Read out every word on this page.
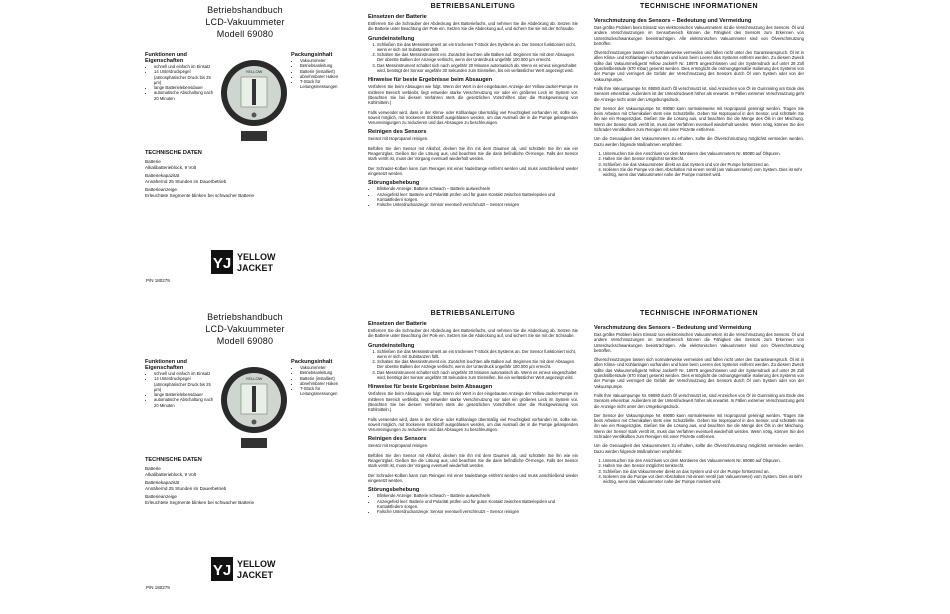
Betriebshandbuch
LCD-Vakuummeter
Modell 69080
Funktionen und Eigenschaften
• schnell und einfach im Einsatz
• 14 Unterdruckpegel (atmosphärischer Druck bis 25 µm)
• lange Batterielebensdauer
• automatische Abschaltung nach 20 Minuten
YELLOW
Packungsinhalt
• Vakuummeter
• Betriebsanleitung
• Batterie (installiert)
• abnehmbarer Haken
• T-Stück für Leitungsmessungen
TECHNISCHE DATEN
Batterie
Alkalibatterieblock, 9 Volt
Batteriekapazität
Annähernd 25 Stunden im Dauerbetrieb
Batterieanzeige
Erleuchtete Segmente blinken bei schwacher Batterie
YJ YELLOW
JACKET
P/N 180279
BETRIEBSANLEITUNG
Einsetzen der Batterie
Entfernen Sie die Schrauber der Abdeckung des Batteriefachs, und nehmen Sie die Abdeckung ab. Setzen Sie die Batterie unter Beachtung der Pole ein. Setzen Sie die Abdeckung auf, und sichern Sie sie mit der Schraube.
Grundeinstellung
1. Schließen Sie das Messinstrument an ein trockenes T-Stück des Systems an. Der Sensor funktioniert nicht, wenn er sich mit Substanzen füllt.
2. Schalten Sie das Messinstrument ein. Zunächst leuchten alle Balken auf. Beginnen Sie mit dem Absaugen. Der oberste Balken der Anzeige verlischt, wenn der Unterdruck ungefähr 100.000 µm erreicht.
3. Das Messinstrument schaltet sich nach ungefähr 20 Minuten automatisch ab. Wenn es erneut eingeschaltet wird, benötigt der Sensor ungefähr 30 Sekunden zum Einstellen, bis ein verlässlicher Wert angezeigt wird.
Hinweise für beste Ergebnisse beim Absaugen
Verfahren Sie beim Absaugen wie folgt. Wenn der Wert in der eingebauten Anzeige der Yellow-Jacket-Pumpe im mittleren Bereich verbleibt, liegt entweder starke Verschmutzung vor oder ein größeres Leck im System vor. (Beachten Sie bei diesem Verfahren stets die gesetzlichen Vorschriften über die Rückgewinnung von Kühlmitteln.)
Falls verwendet wird, dass in der Klima- oder Kühlanlage übermäßig viel Feuchtigkeit vorhanden ist, sollte sie, soweit möglich, mit trockenem Stickstoff ausgeblasen werden, um das Ausmaß der in die Pumpe gelangenden Verunreinigungen zu reduzieren und das Absaugen zu beschleunigen.
Reinigen des Sensors
Sensor mit Isopropanol reinigen.
Befüllen Sie den Sensor mit Alkohol, decken Sie ihn mit dem Daumen ab, und schütteln Sie ihn wie ein Reagenzglas. Gießen Sie die Lösung aus, und beachten Sie die darin befindliche Öl-menge. Falls der Sensor stark verölt ist, muss der Vorgang eventuell wiederholt werden.
Der Schrader-Kolben kann zum Reinigen mit einer Nadelzange entfernt werden und muss anschließend wieder eingesetzt werden.
Störungsbehebung
• Blinkende Anzeige: Batterie schwach – Batterie auswechseln
• Anzeigefeld leer: Batterie und Polarität prüfen und für guten Kontakt zwischen Batteriepolen und Kontaktfedern sorgen.
• Falsche Unterdruckanzeige: Sensor eventuell verschmutzt – Sensor reinigen
TECHNISCHE INFORMATIONEN
Verschmutzung des Sensors – Bedeutung und Vermeidung
Das größte Problem beim Einsatz von elektronischen Vakuummetern ist die Verschmutzung des Sensors. Öl und andere Verschmutzungen im Sensorbereich können die Fähigkeit des Sensors zum Erkennen von Unterdruckschwankungen beeinträchtigen. Alle elektronischen Vakuummeter sind von Ölverschmutzung betroffen.
Ölverschmutzungen lassen sich normalerweise vermeiden und fallen nicht unter den Garantieanspruch. Öl ist in allen Klima- und Kühlanlagen vorhanden und kann beim Leeren des Systems entfernt werden. Zu diesem Zweck sollte das Vakuummeßgerät Yellow Jacket® Nr. 18975 angeschlossen und der Systemdruck auf unter 28 Zoll Quecksilbersäule (670 mbar) gesenkt werden. Dies ermöglicht die ordnungsgemäße Isolierung des Systems von der Pumpe und verringert die Gefahr der Verschmutzung des Sensors durch Öl vom System oder von der Vakuumpumpe.
Falls Ihre Vakuumpumpe Nr. 69080 durch Öl verschmutzt ist, sind Anzeichen von Öl im Gummiring am Ende des Sensors erkennbar. Außerdem ist der Unterdruckwert höher als erwartet. In Fällen extremer Verschmutzung geht die Anzeige nicht unter den Umgebungsdruck.
Der Sensor der Vakuumpumpe Nr. 69080 kann normalerweise mit Isopropanol gereinigt werden. Tragen Sie beim Arbeiten mit Chemikalien stets eine Schutzbrille. Geben Sie Isopropanol in den Sensor, und schütteln Sie ihn wie ein Reagenzglas. Gießen Sie die Lösung aus, und beachten Sie die Menge des Öls in der Mischung. Wenn der Sensor stark verölt ist, muss das Verfahren eventuell wiederholt werden. Wenn nötig, können Sie den Schrader-Ventilkolben zum Reinigen mit einer Pinzette entfernen.
Um die Genauigkeit des Vakuummeters zu erhalten, sollte die Ölverschmutzung möglichst vermieden werden. Dazu werden folgende Maßnahmen empfohlen:
1. Untersuchen Sie den Anschluss vor dem Montieren des Vakuummeters Nr. 69080 auf Ölspuren.
2. Halten Sie den Sensor möglichst senkrecht.
3. Schließen Sie das Vakuummeter direkt an das System und vor der Pumpe fortsetzend an.
4. Isolieren Sie die Pumpe vor dem Abschalten mit einem Ventil (am Vakuummeter) vom System. Dies ist sehr wichtig, wenn das Vakuummeter nahe der Pumpe montiert wird.
Betriebshandbuch
LCD-Vakuummeter
Modell 69080
Funktionen und Eigenschaften
• schnell und einfach im Einsatz
• 14 Unterdruckpegel (atmosphärischer Druck bis 25 µm)
• lange Batterielebensdauer
• automatische Abschaltung nach 20 Minuten
YELLOW
Packungsinhalt
• Vakuummeter
• Betriebsanleitung
• Batterie (installiert)
• abnehmbarer Haken
• T-Stück für Leitungsmessungen
TECHNISCHE DATEN
Batterie
Alkalibatterieblock, 9 Volt
Batteriekapazität
Annähernd 25 Stunden im Dauerbetrieb
Batterieanzeige
Erleuchtete Segmente blinken bei schwacher Batterie
YJ YELLOW
JACKET
P/N 180279
BETRIEBSANLEITUNG
Einsetzen der Batterie
Entfernen Sie die Schrauber der Abdeckung des Batteriefachs, und nehmen Sie die Abdeckung ab. Setzen Sie die Batterie unter Beachtung der Pole ein. Setzen Sie die Abdeckung auf, und sichern Sie sie mit der Schraube.
Grundeinstellung
1. Schließen Sie das Messinstrument an ein trockenes T-Stück des Systems an. Der Sensor funktioniert nicht, wenn er sich mit Substanzen füllt.
2. Schalten Sie das Messinstrument ein. Zunächst leuchten alle Balken auf. Beginnen Sie mit dem Absaugen. Der oberste Balken der Anzeige verlischt, wenn der Unterdruck ungefähr 100.000 µm erreicht.
3. Das Messinstrument schaltet sich nach ungefähr 20 Minuten automatisch ab. Wenn es erneut eingeschaltet wird, benötigt der Sensor ungefähr 30 Sekunden zum Einstellen, bis ein verlässlicher Wert angezeigt wird.
Hinweise für beste Ergebnisse beim Absaugen
Verfahren Sie beim Absaugen wie folgt. Wenn der Wert in der eingebauten Anzeige der Yellow-Jacket-Pumpe im mittleren Bereich verbleibt, liegt entweder starke Verschmutzung vor oder ein größeres Leck im System vor. (Beachten Sie bei diesem Verfahren stets die gesetzlichen Vorschriften über die Rückgewinnung von Kühlmitteln.)
Falls verwendet wird, dass in der Klima- oder Kühlanlage übermäßig viel Feuchtigkeit vorhanden ist, sollte sie, soweit möglich, mit trockenem Stickstoff ausgeblasen werden, um das Ausmaß der in die Pumpe gelangenden Verunreinigungen zu reduzieren und das Absaugen zu beschleunigen.
Reinigen des Sensors
Sensor mit Isopropanol reinigen.
Befüllen Sie den Sensor mit Alkohol, decken Sie ihn mit dem Daumen ab, und schütteln Sie ihn wie ein Reagenzglas. Gießen Sie die Lösung aus, und beachten Sie die darin befindliche Öl-menge. Falls der Sensor stark verölt ist, muss der Vorgang eventuell wiederholt werden.
Der Schrader-Kolben kann zum Reinigen mit einer Nadelzange entfernt werden und muss anschließend wieder eingesetzt werden.
Störungsbehebung
• Blinkende Anzeige: Batterie schwach – Batterie auswechseln
• Anzeigefeld leer: Batterie und Polarität prüfen und für guten Kontakt zwischen Batteriepolen und Kontaktfedern sorgen.
• Falsche Unterdruckanzeige: Sensor eventuell verschmutzt – Sensor reinigen
TECHNISCHE INFORMATIONEN
Verschmutzung des Sensors – Bedeutung und Vermeidung
Das größte Problem beim Einsatz von elektronischen Vakuummetern ist die Verschmutzung des Sensors. Öl und andere Verschmutzungen im Sensorbereich können die Fähigkeit des Sensors zum Erkennen von Unterdruckschwankungen beeinträchtigen. Alle elektronischen Vakuummeter sind von Ölverschmutzung betroffen.
Ölverschmutzungen lassen sich normalerweise vermeiden und fallen nicht unter den Garantieanspruch. Öl ist in allen Klima- und Kühlanlagen vorhanden und kann beim Leeren des Systems entfernt werden. Zu diesem Zweck sollte das Vakuummeßgerät Yellow Jacket® Nr. 18975 angeschlossen und der Systemdruck auf unter 28 Zoll Quecksilbersäule (670 mbar) gesenkt werden. Dies ermöglicht die ordnungsgemäße Isolierung des Systems von der Pumpe und verringert die Gefahr der Verschmutzung des Sensors durch Öl vom System oder von der Vakuumpumpe.
Falls Ihre Vakuumpumpe Nr. 69080 durch Öl verschmutzt ist, sind Anzeichen von Öl im Gummiring am Ende des Sensors erkennbar. Außerdem ist der Unterdruckwert höher als erwartet. In Fällen extremer Verschmutzung geht die Anzeige nicht unter den Umgebungsdruck.
Der Sensor der Vakuumpumpe Nr. 69080 kann normalerweise mit Isopropanol gereinigt werden. Tragen Sie beim Arbeiten mit Chemikalien stets eine Schutzbrille. Geben Sie Isopropanol in den Sensor, und schütteln Sie ihn wie ein Reagenzglas. Gießen Sie die Lösung aus, und beachten Sie die Menge des Öls in der Mischung. Wenn der Sensor stark verölt ist, muss das Verfahren eventuell wiederholt werden. Wenn nötig, können Sie den Schrader-Ventilkolben zum Reinigen mit einer Pinzette entfernen.
Um die Genauigkeit des Vakuummeters zu erhalten, sollte die Ölverschmutzung möglichst vermieden werden. Dazu werden folgende Maßnahmen empfohlen:
1. Untersuchen Sie den Anschluss vor dem Montieren des Vakuummeters Nr. 69080 auf Ölspuren.
2. Halten Sie den Sensor möglichst senkrecht.
3. Schließen Sie das Vakuummeter direkt an das System und vor der Pumpe fortsetzend an.
4. Isolieren Sie die Pumpe vor dem Abschalten mit einem Ventil (am Vakuummeter) vom System. Dies ist sehr wichtig, wenn das Vakuummeter nahe der Pumpe montiert wird.
